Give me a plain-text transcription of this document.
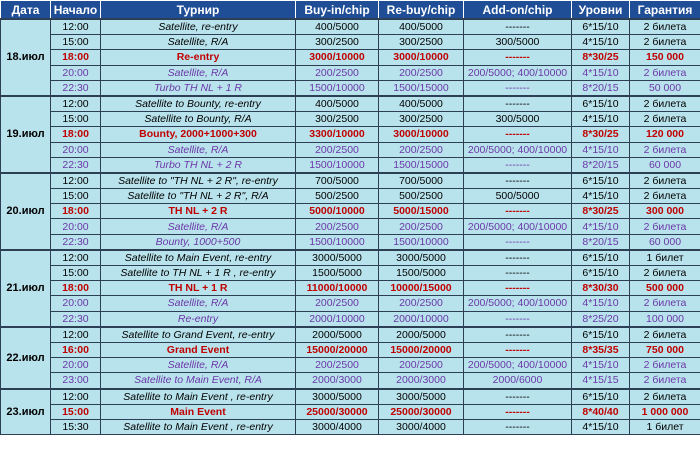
Дата	Начало	Турнир	Buy-in/chip	Re-buy/chip	Add-on/chip	Уровни	Гарантия
18.июл	12:00	Satellite, re-entry	400/5000	400/5000	-------	6*15/10	2 билета
	15:00	Satellite, R/A	300/2500	300/2500	300/5000	4*15/10	2 билета
	18:00	Re-entry	3000/10000	3000/10000	-------	8*30/25	150 000
	20:00	Satellite, R/A	200/2500	200/2500	200/5000; 400/10000	4*15/10	2 билета
	22:30	Turbo TH NL + 1 R	1500/10000	1500/15000	-------	8*20/15	50 000
19.июл	12:00	Satellite to Bounty, re-entry	400/5000	400/5000	-------	6*15/10	2 билета
	15:00	Satellite to Bounty, R/A	300/2500	300/2500	300/5000	4*15/10	2 билета
	18:00	Bounty, 2000+1000+300	3300/10000	3000/10000	-------	8*30/25	120 000
	20:00	Satellite, R/A	200/2500	200/2500	200/5000; 400/10000	4*15/10	2 билета
	22:30	Turbo TH NL + 2 R	1500/10000	1500/15000	-------	8*20/15	60 000
20.июл	12:00	Satellite to "TH NL + 2 R", re-entry	700/5000	700/5000	-------	6*15/10	2 билета
	15:00	Satellite to "TH NL + 2 R", R/A	500/2500	500/2500	500/5000	4*15/10	2 билета
	18:00	TH NL + 2 R	5000/10000	5000/15000	-------	8*30/25	300 000
	20:00	Satellite, R/A	200/2500	200/2500	200/5000; 400/10000	4*15/10	2 билета
	22:30	Bounty, 1000+500	1500/10000	1500/10000	-------	8*20/15	60 000
21.июл	12:00	Satellite to Main Event, re-entry	3000/5000	3000/5000	-------	6*15/10	1 билет
	15:00	Satellite to TH NL + 1 R , re-entry	1500/5000	1500/5000	-------	6*15/10	2 билета
	18:00	TH NL + 1 R	11000/10000	10000/15000	-------	8*30/30	500 000
	20:00	Satellite, R/A	200/2500	200/2500	200/5000; 400/10000	4*15/10	2 билета
	22:30	Re-entry	2000/10000	2000/10000	-------	8*25/20	100 000
22.июл	12:00	Satellite to Grand Event, re-entry	2000/5000	2000/5000	-------	6*15/10	2 билета
	16:00	Grand Event	15000/20000	15000/20000	-------	8*35/35	750 000
	20:00	Satellite, R/A	200/2500	200/2500	200/5000; 400/10000	4*15/10	2 билета
	23:00	Satellite to Main Event, R/A	2000/3000	2000/3000	2000/6000	4*15/15	2 билета
23.июл	12:00	Satellite to Main Event , re-entry	3000/5000	3000/5000	-------	6*15/10	2 билета
	15:00	Main Event	25000/30000	25000/30000	-------	8*40/40	1 000 000
	15:30	Satellite to Main Event , re-entry	3000/4000	3000/4000	-------	4*15/10	1 билет
